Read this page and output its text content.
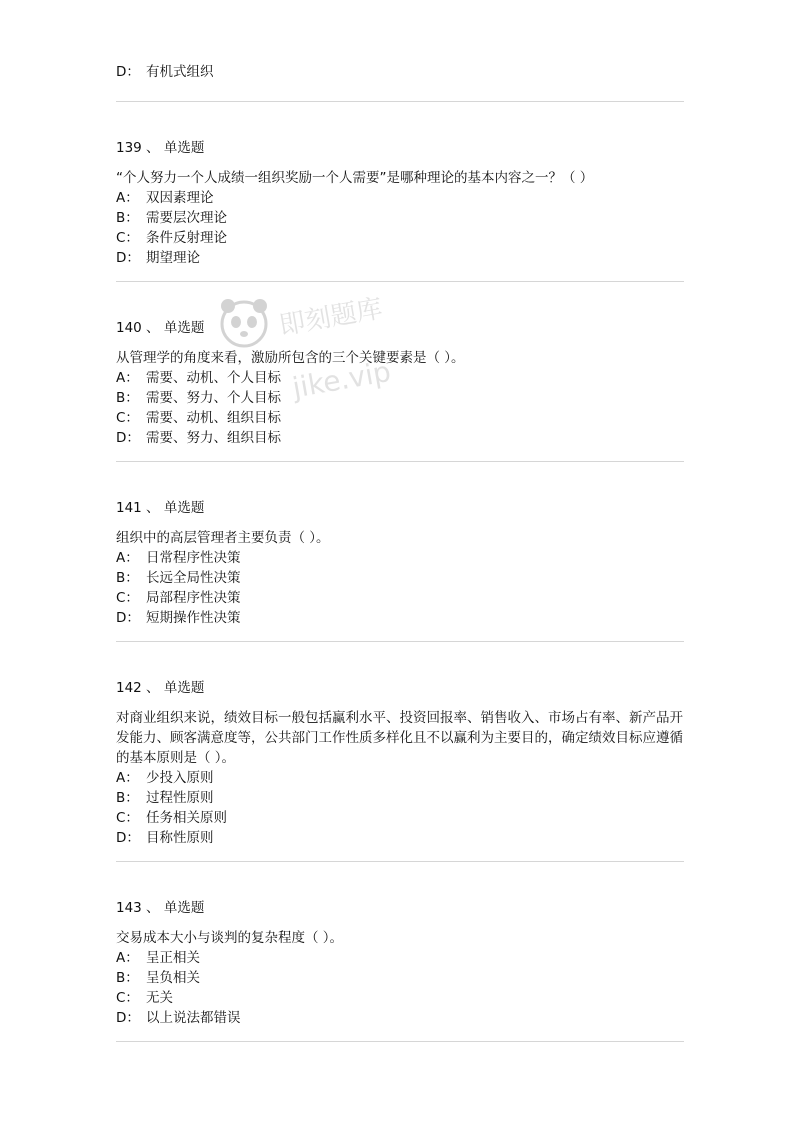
D： 有机式组织
139 、 单选题
“个人努力一个人成绩一组织奖励一个人需要”是哪种理论的基本内容之一？（ ）
A： 双因素理论
B： 需要层次理论
C： 条件反射理论
D： 期望理论
140 、 单选题
从管理学的角度来看，激励所包含的三个关键要素是（ ）。
A： 需要、动机、个人目标
B： 需要、努力、个人目标
C： 需要、动机、组织目标
D： 需要、努力、组织目标
141 、 单选题
组织中的高层管理者主要负责（ ）。
A： 日常程序性决策
B： 长远全局性决策
C： 局部程序性决策
D： 短期操作性决策
142 、 单选题
对商业组织来说，绩效目标一般包括赢利水平、投资回报率、销售收入、市场占有率、新产品开发能力、顾客满意度等，公共部门工作性质多样化且不以赢利为主要目的，确定绩效目标应遵循的基本原则是（ ）。
A： 少投入原则
B： 过程性原则
C： 任务相关原则
D： 目称性原则
143 、 单选题
交易成本大小与谈判的复杂程度（ ）。
A： 呈正相关
B： 呈负相关
C： 无关
D： 以上说法都错误
即刻题库
jike.vip
